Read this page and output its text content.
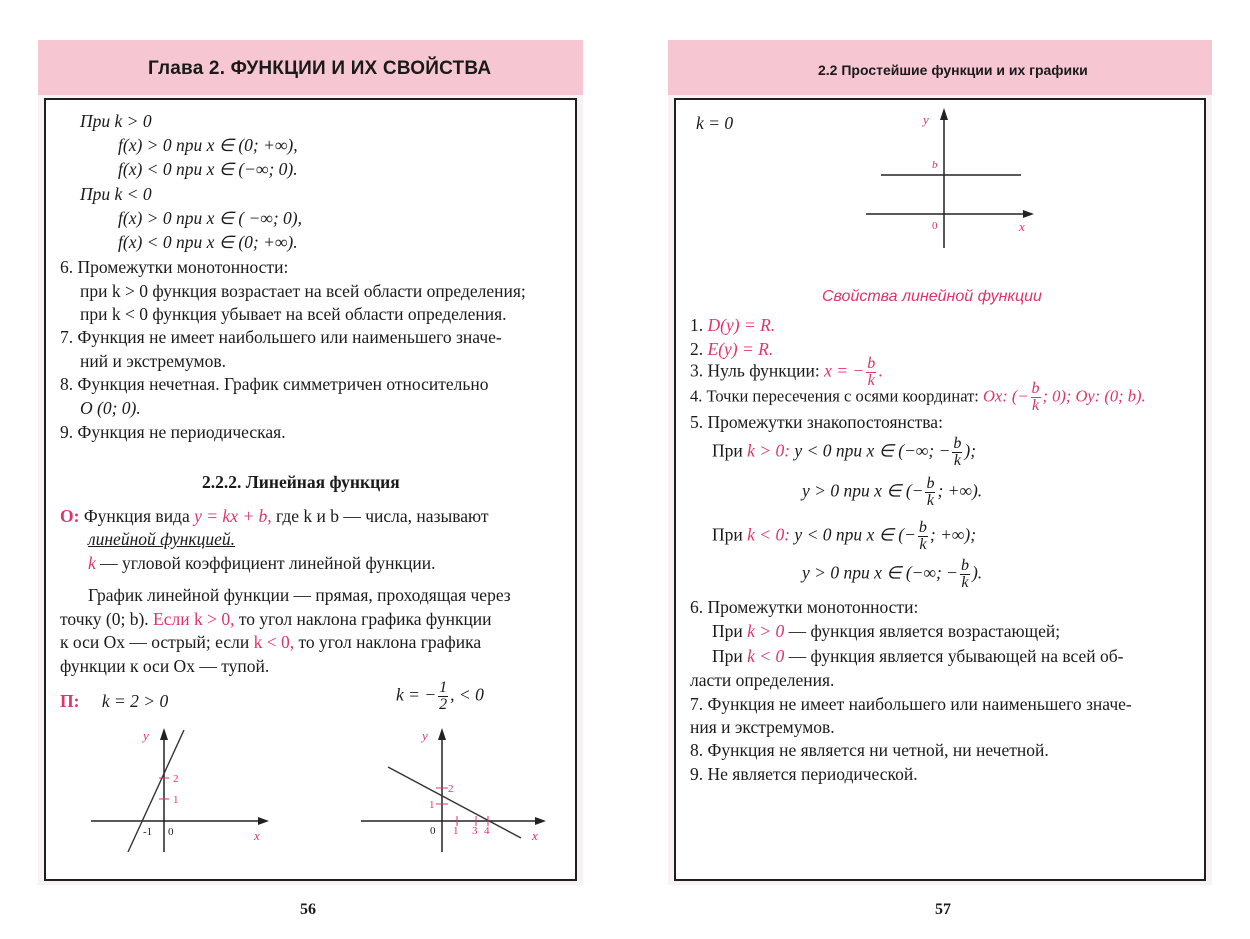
Глава 2. ФУНКЦИИ И ИХ СВОЙСТВА
При k > 0
f(x) > 0 при x ∈ (0; +∞),
f(x) < 0 при x ∈ (−∞; 0).
При k < 0
f(x) > 0 при x ∈ ( −∞; 0),
f(x) < 0 при x ∈ (0; +∞).
6. Промежутки монотонности:
при k > 0 функция возрастает на всей области определения;
при k < 0 функция убывает на всей области определения.
7. Функция не имеет наибольшего или наименьшего значе-
ний и экстремумов.
8. Функция нечетная. График симметричен относительно
O (0; 0).
9. Функция не периодическая.
2.2.2. Линейная функция
О: Функция вида y = kx + b, где k и b — числа, называют
линейной функцией.
k — угловой коэффициент линейной функции.
График линейной функции — прямая, проходящая через
точку (0; b). Если k > 0, то угол наклона графика функции
к оси Ox — острый; если k < 0, то угол наклона графика
функции к оси Ox — тупой.
П: k = 2 > 0	k = − $\frac{1}{2}$ , < 0
y
x
2
1
-1 0
y
x
2
1
0 1 3 4
56
2.2 Простейшие функции и их графики
k = 0	y
b
0	x
Свойства линейной функции
1. D(y) = R.
2. E(y) = R.
3. Нуль функции: x = − $\frac{b}{k}$ .
4. Точки пересечения с осями координат: Ox: (− $\frac{b}{k}$ ; 0); Oy: (0; b).
5. Промежутки знакопостоянства:
При k > 0: y < 0 при x ∈ (−∞; − $\frac{b}{k}$ );
y > 0 при x ∈ (− $\frac{b}{k}$ ; +∞).
При k < 0: y < 0 при x ∈ (− $\frac{b}{k}$ ; +∞);
y > 0 при x ∈ (−∞; − $\frac{b}{k}$ ).
6. Промежутки монотонности:
При k > 0 — функция является возрастающей;
При k < 0 — функция является убывающей на всей об-
ласти определения.
7. Функция не имеет наибольшего или наименьшего значе-
ния и экстремумов.
8. Функция не является ни четной, ни нечетной.
9. Не является периодической.
57
